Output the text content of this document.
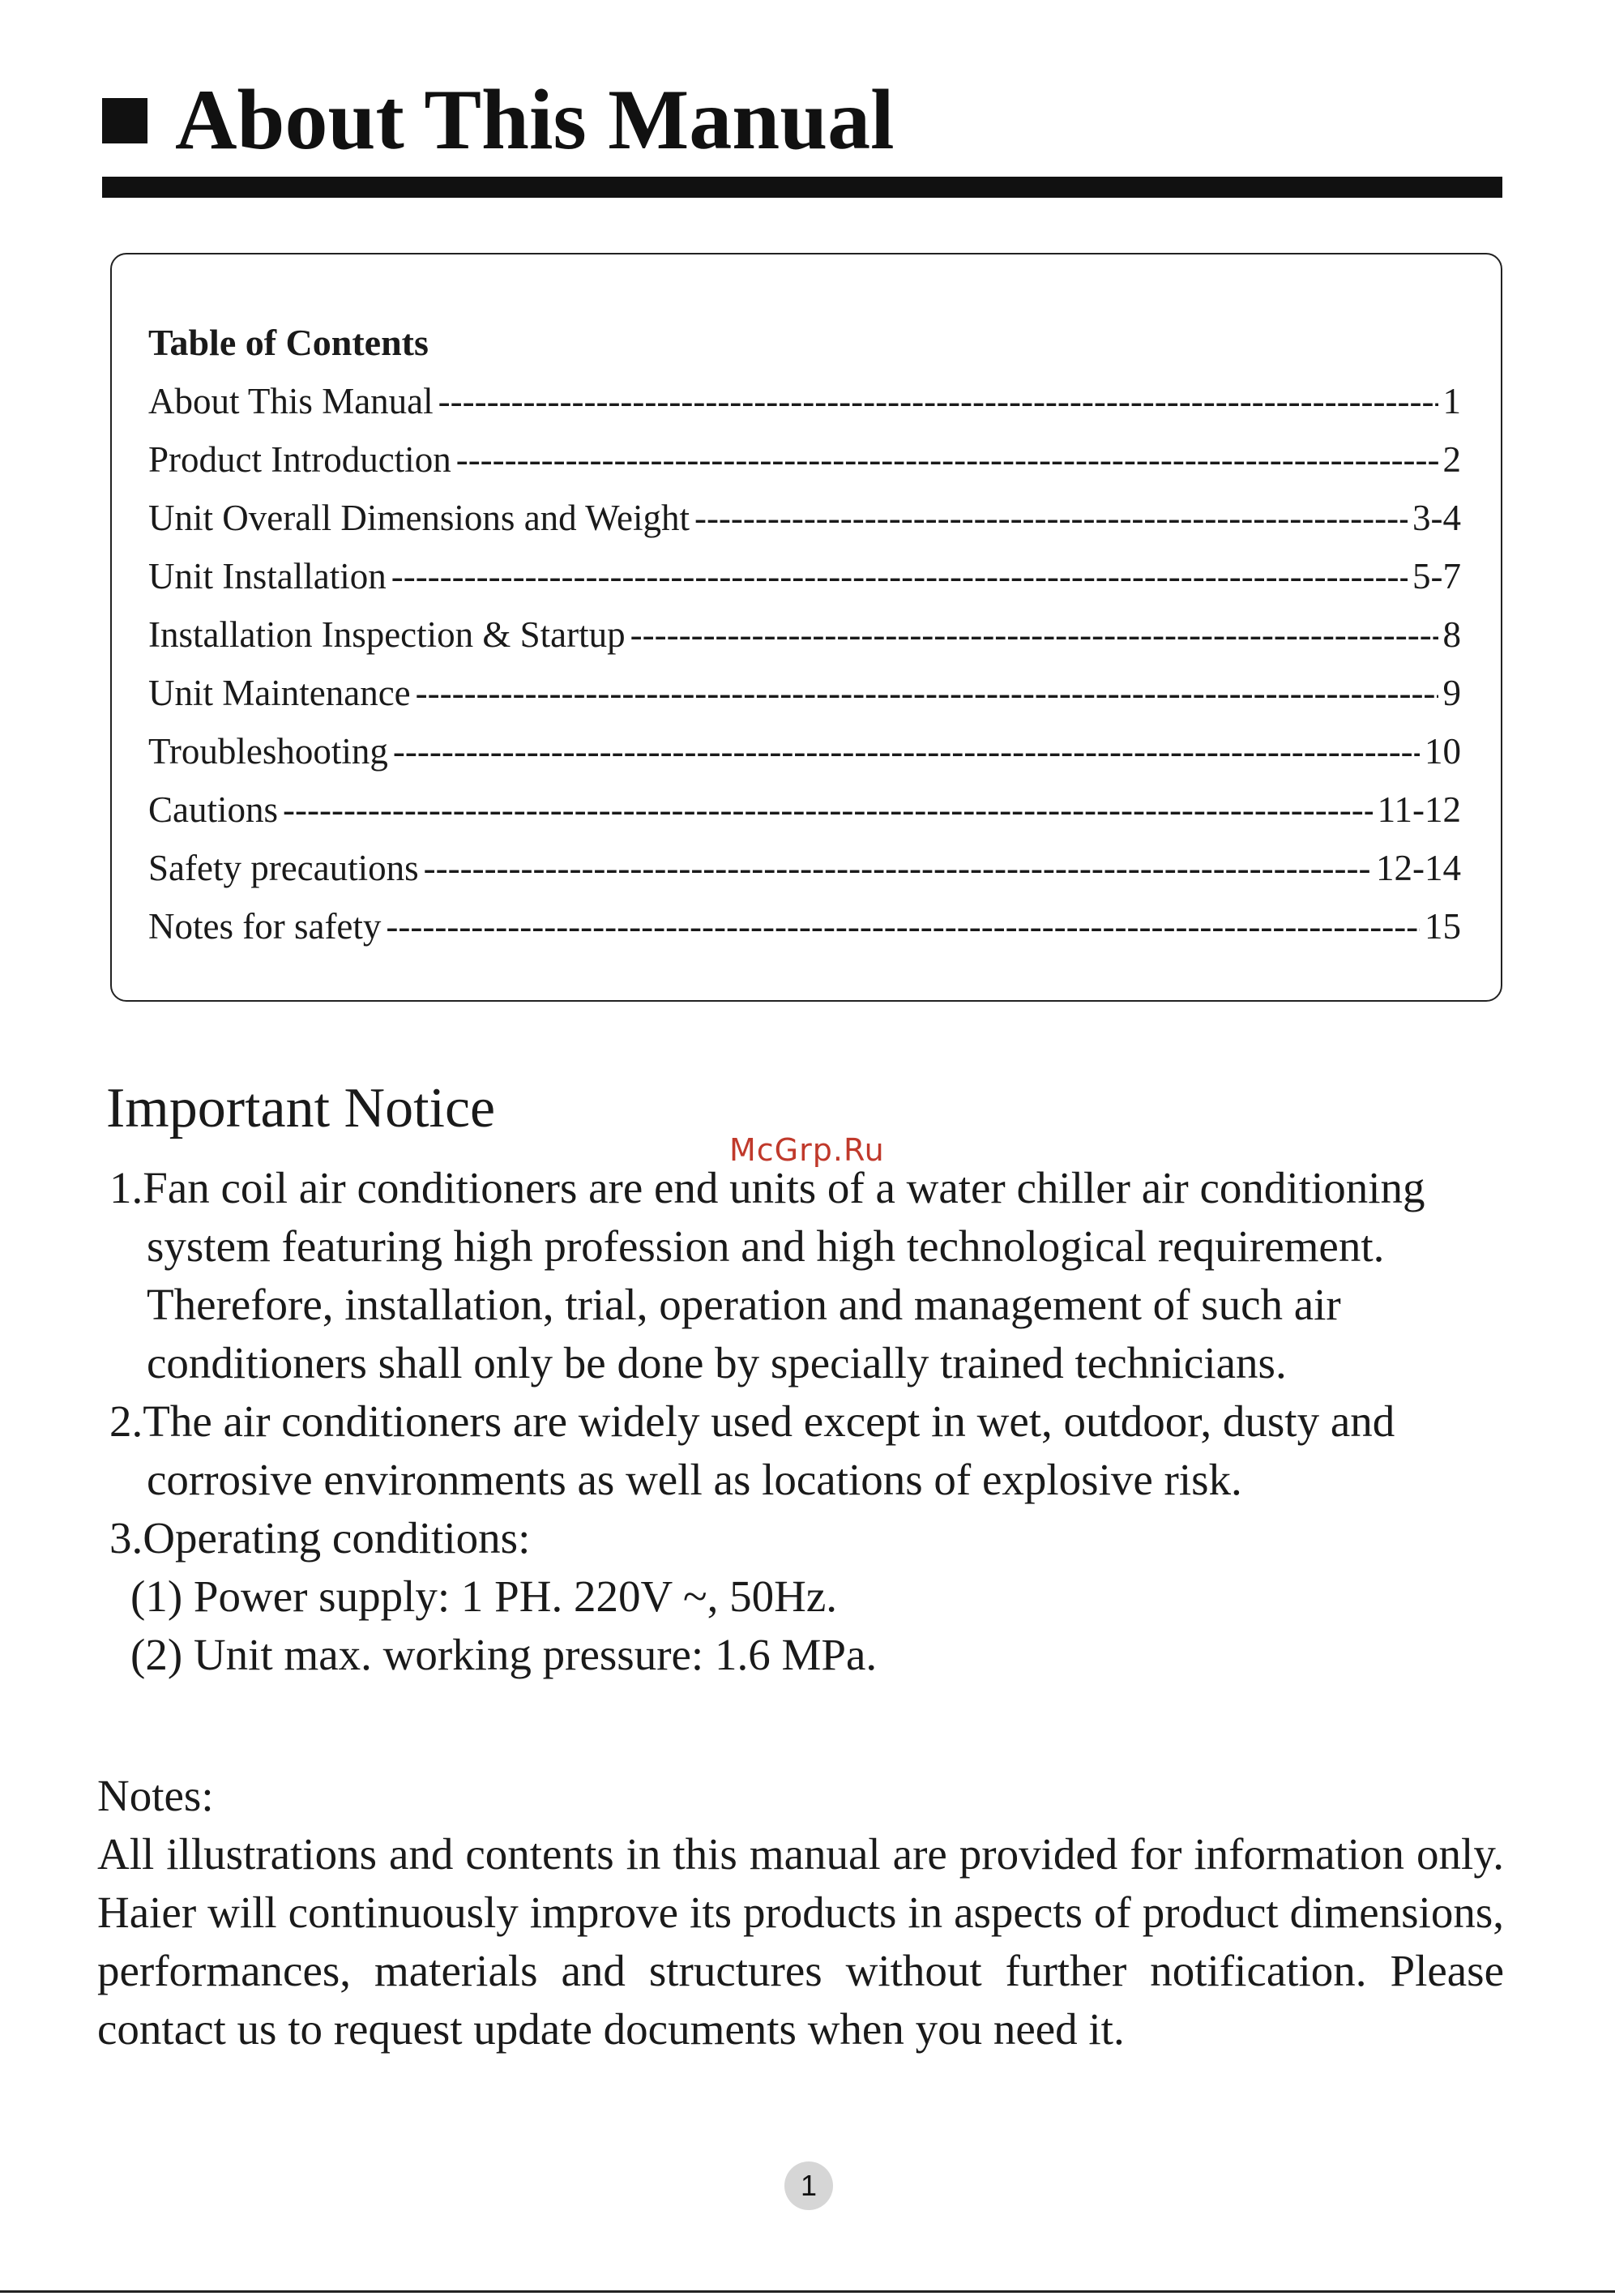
About This Manual
Table of Contents
About This Manual -----	1
Product Introduction -----	2
Unit Overall Dimensions and Weight -----	3-4
Unit Installation -----	5-7
Installation Inspection & Startup -----	8
Unit Maintenance -----	9
Troubleshooting -----	10
Cautions -----	11-12
Safety precautions -----	12-14
Notes for safety -----	15
Important Notice
McGrp.Ru
1.Fan coil air conditioners are end units of a water chiller air conditioning system featuring high profession and high technological requirement. Therefore, installation, trial, operation and management of such air conditioners shall only be done by specially trained technicians.
2.The air conditioners are widely used except in wet, outdoor, dusty and corrosive environments as well as locations of explosive risk.
3.Operating conditions:
(1) Power supply: 1 PH. 220V ~, 50Hz.
(2) Unit max. working pressure: 1.6 MPa.
Notes:
All illustrations and contents in this manual are provided for information only. Haier will continuously improve its products in aspects of product dimensions, performances, materials and structures without further notification. Please contact us to request update documents when you need it.
1
